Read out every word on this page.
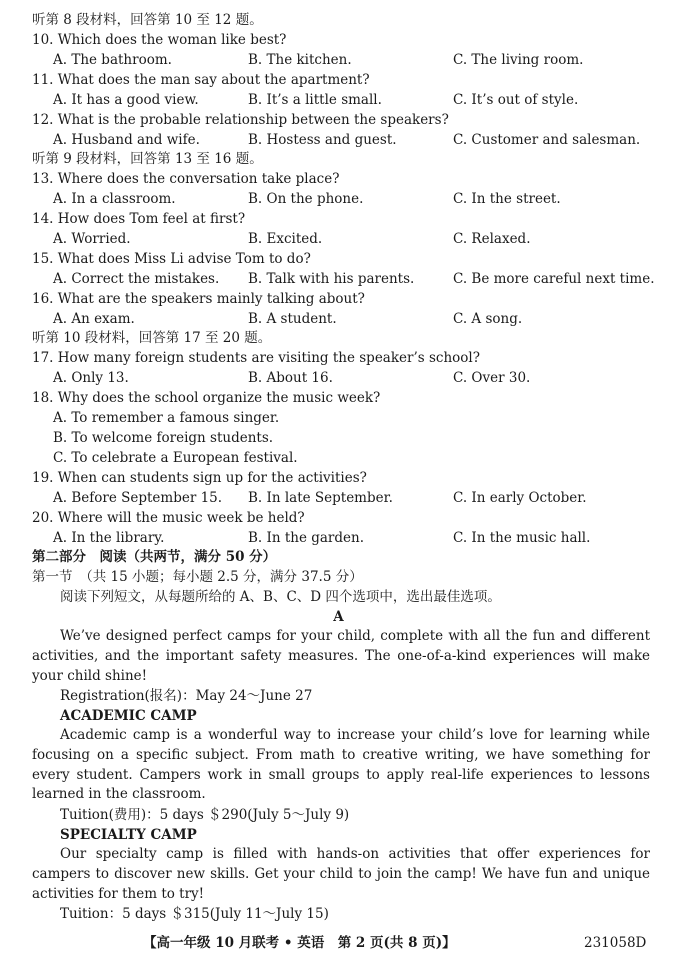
听第 8 段材料，回答第 10 至 12 题。
10. Which does the woman like best?
A. The bathroom.	B. The kitchen.	C. The living room.
11. What does the man say about the apartment?
A. It has a good view.	B. It’s a little small.	C. It’s out of style.
12. What is the probable relationship between the speakers?
A. Husband and wife.	B. Hostess and guest.	C. Customer and salesman.
听第 9 段材料，回答第 13 至 16 题。
13. Where does the conversation take place?
A. In a classroom.	B. On the phone.	C. In the street.
14. How does Tom feel at first?
A. Worried.	B. Excited.	C. Relaxed.
15. What does Miss Li advise Tom to do?
A. Correct the mistakes. B. Talk with his parents.	C. Be more careful next time.
16. What are the speakers mainly talking about?
A. An exam.	B. A student.	C. A song.
听第 10 段材料，回答第 17 至 20 题。
17. How many foreign students are visiting the speaker’s school?
A. Only 13.	B. About 16.	C. Over 30.
18. Why does the school organize the music week?
A. To remember a famous singer.
B. To welcome foreign students.
C. To celebrate a European festival.
19. When can students sign up for the activities?
A. Before September 15. B. In late September.	C. In early October.
20. Where will the music week be held?
A. In the library.	B. In the garden.	C. In the music hall.
第二部分　阅读（共两节，满分 50 分）
第一节　（共 15 小题；每小题 2.5 分，满分 37.5 分）
阅读下列短文，从每题所给的 A、B、C、D 四个选项中，选出最佳选项。
A
We’ve designed perfect camps for your child, complete with all the fun and different activities, and the important safety measures. The one-of-a-kind experiences will make your child shine!
Registration(报名)：May 24～June 27
ACADEMIC CAMP
Academic camp is a wonderful way to increase your child’s love for learning while focusing on a specific subject. From math to creative writing, we have something for every student. Campers work in small groups to apply real-life experiences to lessons learned in the classroom.
Tuition(费用)：5 days ＄290(July 5～July 9)
SPECIALTY CAMP
Our specialty camp is filled with hands-on activities that offer experiences for campers to discover new skills. Get your child to join the camp! We have fun and unique activities for them to try!
Tuition：5 days ＄315(July 11～July 15)
【高一年级 10 月联考 • 英语　第 2 页(共 8 页)】	231058D
